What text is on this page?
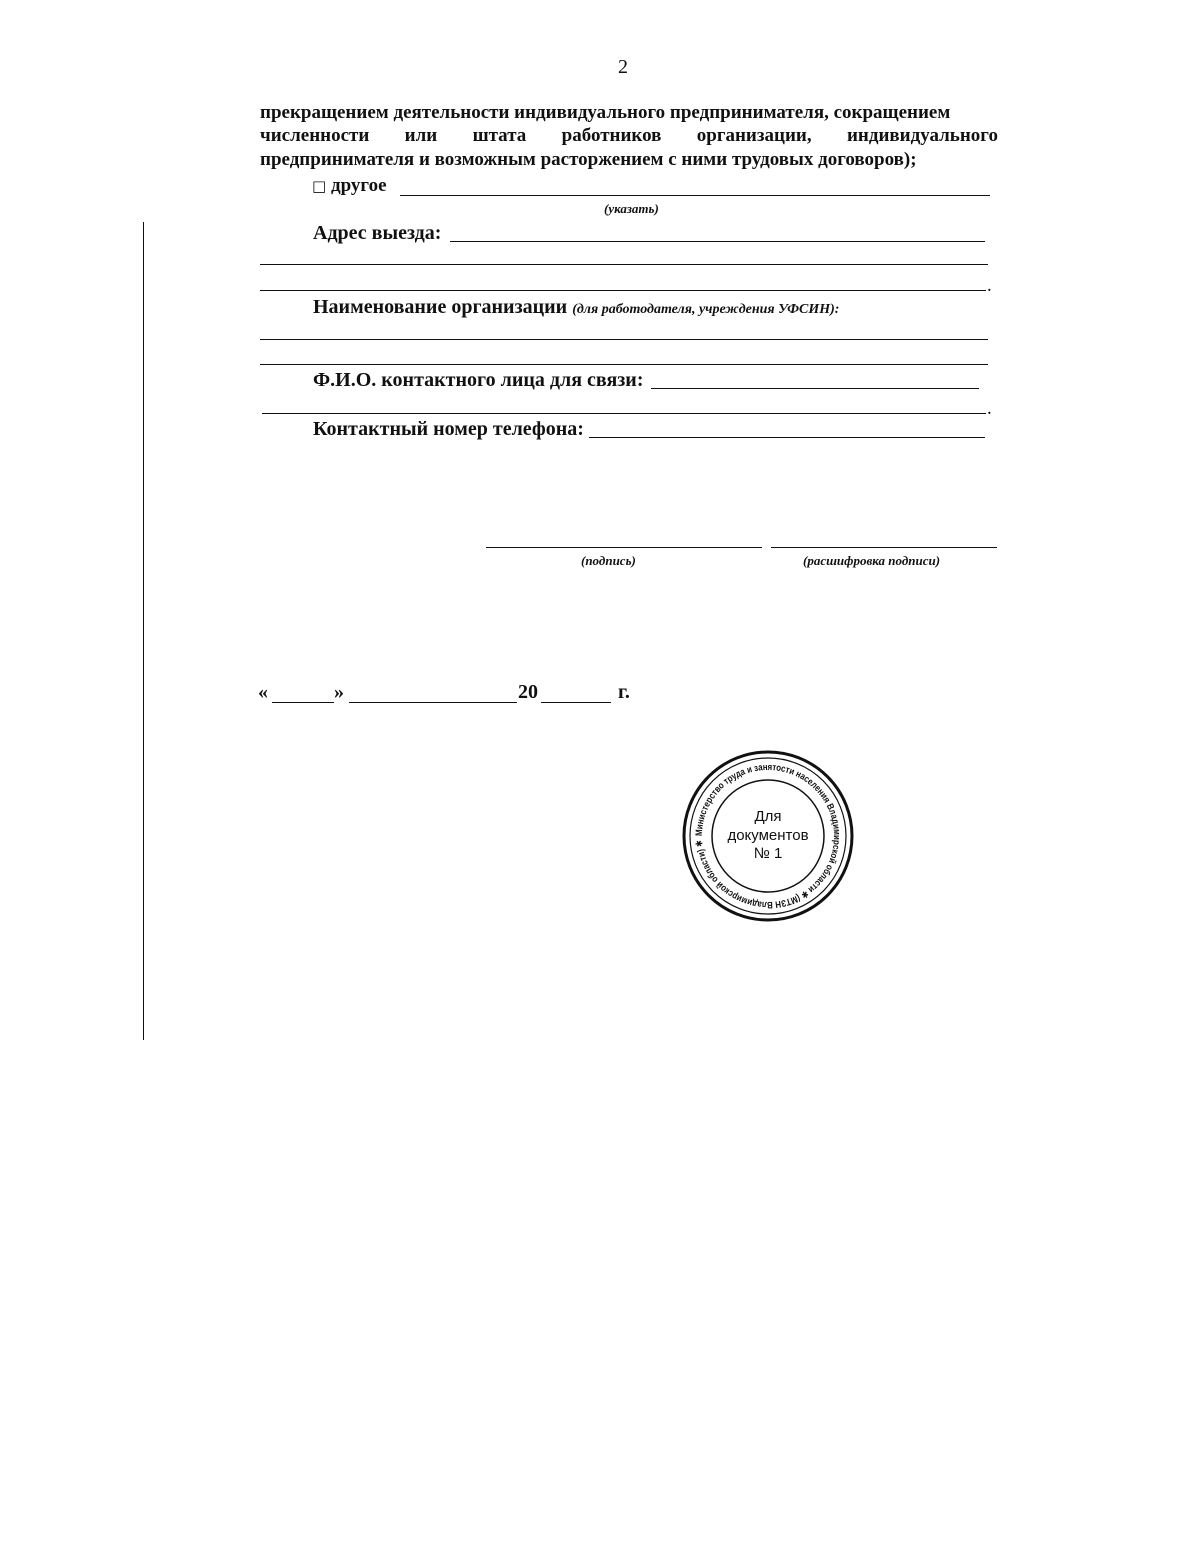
2
прекращением деятельности индивидуального предпринимателя, сокращением
численности или штата работников организации, индивидуального
предпринимателя и возможным расторжением с ними трудовых договоров);
□ другое
(указать)
Адрес выезда:
.
Наименование организации (для работодателя, учреждения УФСИН):
Ф.И.О. контактного лица для связи:
.
Контактный номер телефона:
(подпись)	(расшифровка подписи)
«	»	20	г.
Министерство труда и занятости населения Владимирской области ✱ (МТЗН Владимирской области) ✱
Для
документов
№ 1
